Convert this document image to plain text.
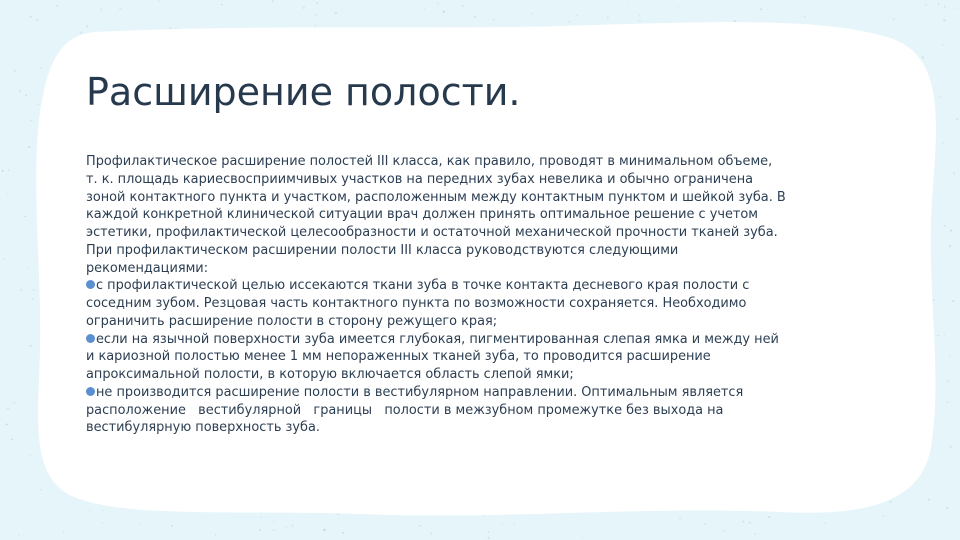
Расширение полости.
Профилактическое расширение полостей III класса, как правило, проводят в минимальном объеме,
т. к. площадь кариесвосприимчивых участков на передних зубах невелика и обычно ограничена
зоной контактного пункта и участком, расположенным между контактным пунктом и шейкой зуба. В
каждой конкретной клинической ситуации врач должен принять оптимальное решение с учетом
эстетики, профилактической целесообразности и остаточной механической прочности тканей зуба.
При профилактическом расширении полости III класса руководствуются следующими
рекомендациями:
с профилактической целью иссекаются ткани зуба в точке контакта десневого края полости с
соседним зубом. Резцовая часть контактного пункта по возможности сохраняется. Необходимо
ограничить расширение полости в сторону режущего края;
если на язычной поверхности зуба имеется глубокая, пигментированная слепая ямка и между ней
и кариозной полостью менее 1 мм непораженных тканей зуба, то проводится расширение
апроксимальной полости, в которую включается область слепой ямки;
не производится расширение полости в вестибулярном направлении. Оптимальным является
расположение   вестибулярной   границы   полости в межзубном промежутке без выхода на
вестибулярную поверхность зуба.
